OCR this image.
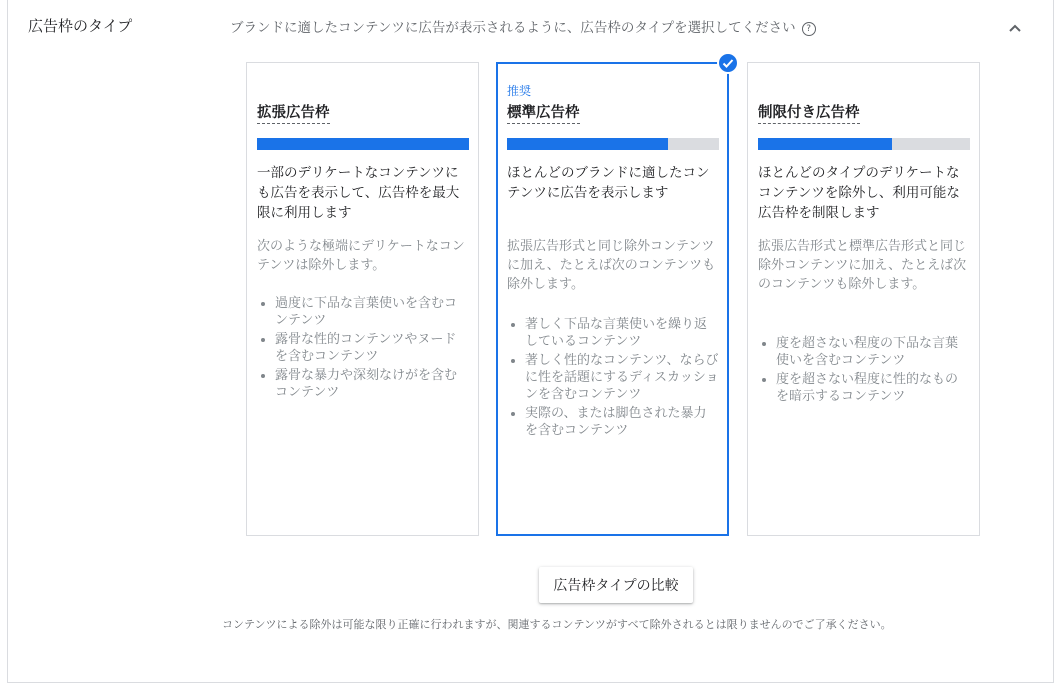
広告枠のタイプ	ブランドに適したコンテンツに広告が表示されるように、広告枠のタイプを選択してください ?
拡張広告枠
一部のデリケートなコンテンツにも広告を表示して、広告枠を最大限に利用します
次のような極端にデリケートなコンテンツは除外します。
• 過度に下品な言葉使いを含むコンテンツ
• 露骨な性的コンテンツやヌードを含むコンテンツ
• 露骨な暴力や深刻なけがを含むコンテンツ
推奨
標準広告枠
ほとんどのブランドに適したコンテンツに広告を表示します
拡張広告形式と同じ除外コンテンツに加え、たとえば次のコンテンツも除外します。
• 著しく下品な言葉使いを繰り返しているコンテンツ
• 著しく性的なコンテンツ、ならびに性を話題にするディスカッションを含むコンテンツ
• 実際の、または脚色された暴力を含むコンテンツ
制限付き広告枠
ほとんどのタイプのデリケートなコンテンツを除外し、利用可能な広告枠を制限します
拡張広告形式と標準広告形式と同じ除外コンテンツに加え、たとえば次のコンテンツも除外します。
• 度を超さない程度の下品な言葉使いを含むコンテンツ
• 度を超さない程度に性的なものを暗示するコンテンツ
広告枠タイプの比較
コンテンツによる除外は可能な限り正確に行われますが、関連するコンテンツがすべて除外されるとは限りませんのでご了承ください。
